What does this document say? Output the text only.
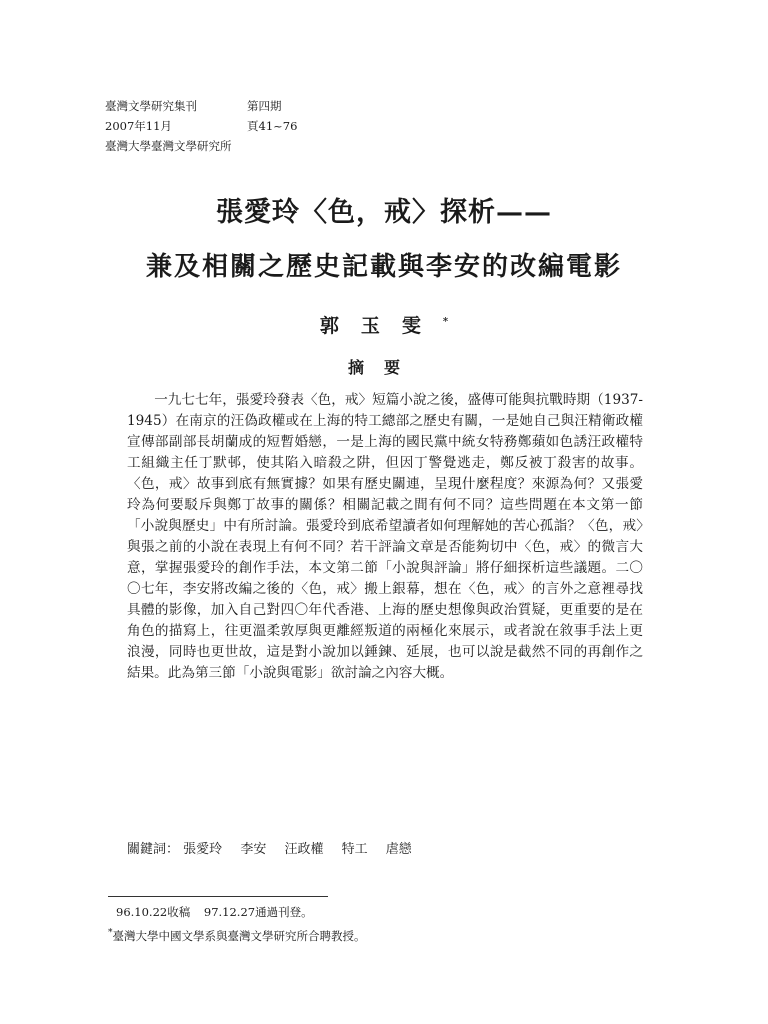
臺灣文學研究集刊	第四期
2007年11月	頁41~76
臺灣大學臺灣文學研究所
張愛玲〈色，戒〉探析——
兼及相關之歷史記載與李安的改編電影
郭玉雯*
摘要
一九七七年，張愛玲發表〈色，戒〉短篇小說之後，盛傳可能與抗戰時期（1937-1945）在南京的汪偽政權或在上海的特工總部之歷史有關，一是她自己與汪精衛政權宣傳部副部長胡蘭成的短暫婚戀，一是上海的國民黨中統女特務鄭蘋如色誘汪政權特工組織主任丁默邨，使其陷入暗殺之阱，但因丁警覺逃走，鄭反被丁殺害的故事。〈色，戒〉故事到底有無實據？如果有歷史關連，呈現什麼程度？來源為何？又張愛玲為何要駁斥與鄭丁故事的關係？相關記載之間有何不同？這些問題在本文第一節「小說與歷史」中有所討論。張愛玲到底希望讀者如何理解她的苦心孤詣？〈色，戒〉與張之前的小說在表現上有何不同？若干評論文章是否能夠切中〈色，戒〉的微言大意，掌握張愛玲的創作手法，本文第二節「小說與評論」將仔細探析這些議題。二〇〇七年，李安將改編之後的〈色，戒〉搬上銀幕，想在〈色，戒〉的言外之意裡尋找具體的影像，加入自己對四〇年代香港、上海的歷史想像與政治質疑，更重要的是在角色的描寫上，往更溫柔敦厚與更離經叛道的兩極化來展示，或者說在敘事手法上更浪漫，同時也更世故，這是對小說加以錘鍊、延展，也可以說是截然不同的再創作之結果。此為第三節「小說與電影」欲討論之內容大概。
關鍵詞： 張愛玲 李安 汪政權 特工 虐戀
96.10.22收稿 97.12.27通過刊登。
*臺灣大學中國文學系與臺灣文學研究所合聘教授。
